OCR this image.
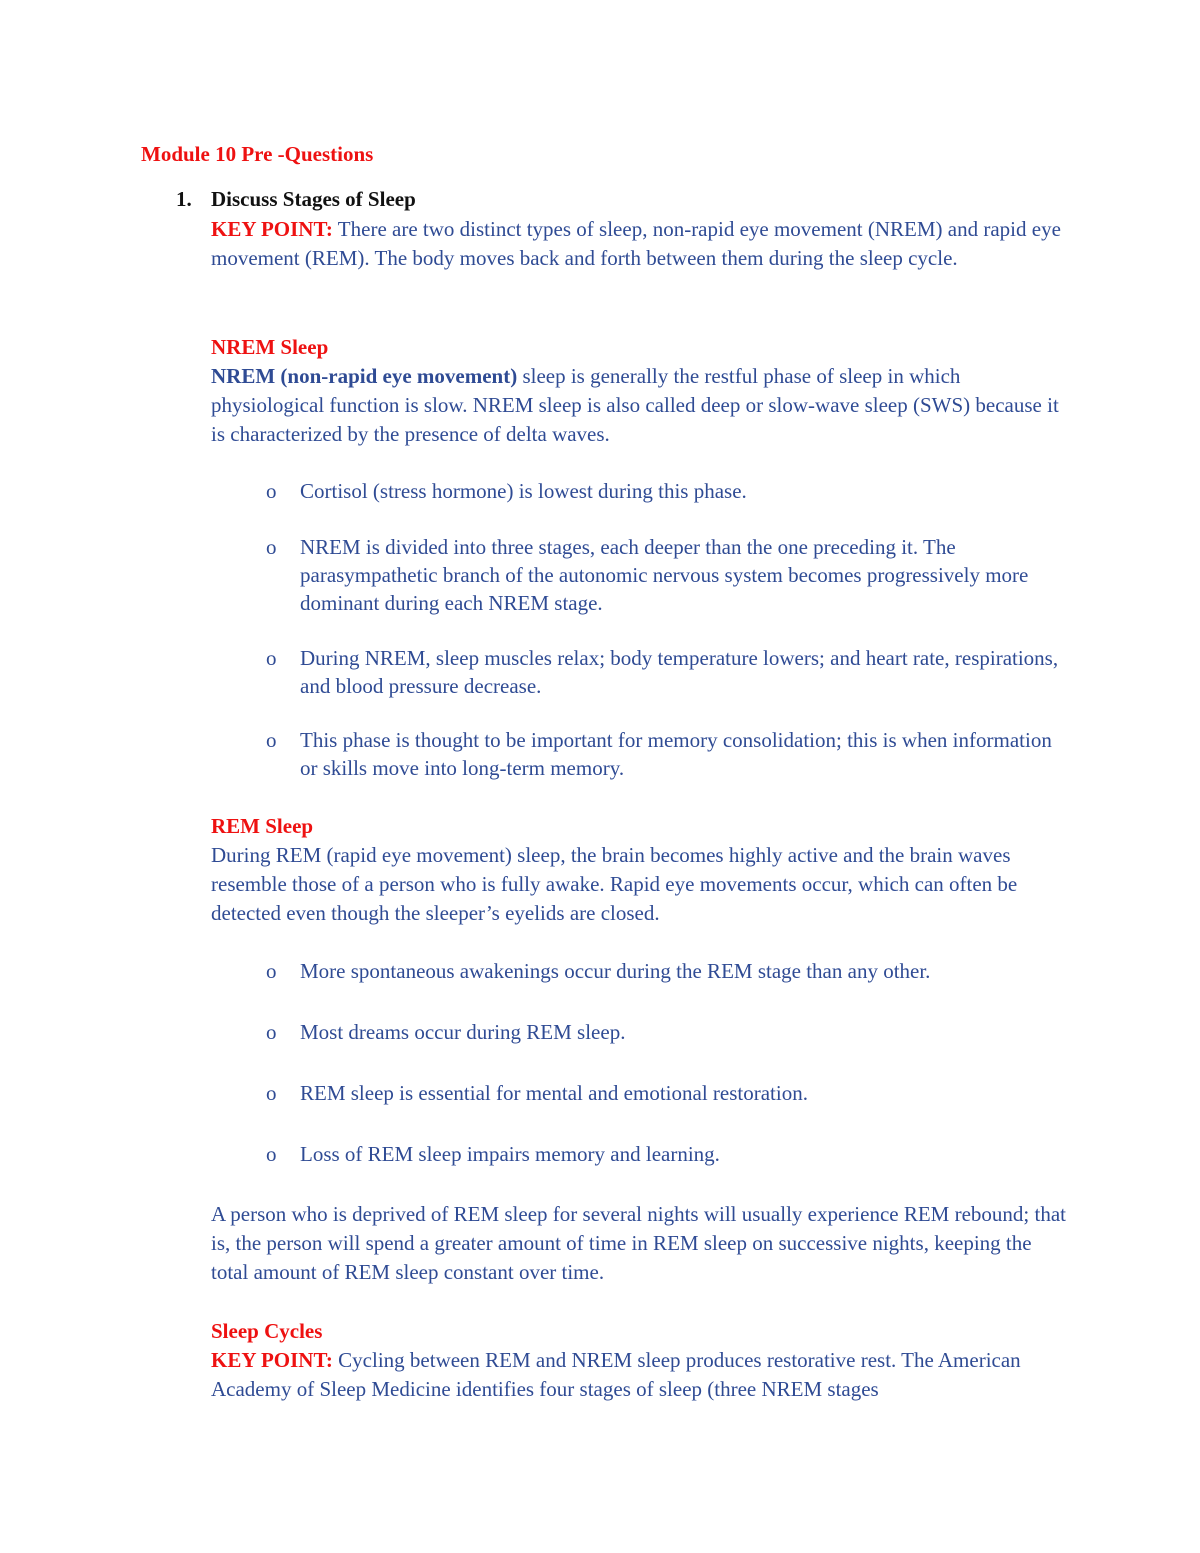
Module 10 Pre -Questions
1. Discuss Stages of Sleep
KEY POINT: There are two distinct types of sleep, non-rapid eye movement (NREM) and rapid eye movement (REM). The body moves back and forth between them during the sleep cycle.
NREM Sleep
NREM (non-rapid eye movement) sleep is generally the restful phase of sleep in which physiological function is slow. NREM sleep is also called deep or slow-wave sleep (SWS) because it is characterized by the presence of delta waves.
o Cortisol (stress hormone) is lowest during this phase.
o NREM is divided into three stages, each deeper than the one preceding it. The parasympathetic branch of the autonomic nervous system becomes progressively more dominant during each NREM stage.
o During NREM, sleep muscles relax; body temperature lowers; and heart rate, respirations, and blood pressure decrease.
o This phase is thought to be important for memory consolidation; this is when information or skills move into long-term memory.
REM Sleep
During REM (rapid eye movement) sleep, the brain becomes highly active and the brain waves resemble those of a person who is fully awake. Rapid eye movements occur, which can often be detected even though the sleeper’s eyelids are closed.
o More spontaneous awakenings occur during the REM stage than any other.
o Most dreams occur during REM sleep.
o REM sleep is essential for mental and emotional restoration.
o Loss of REM sleep impairs memory and learning.
A person who is deprived of REM sleep for several nights will usually experience REM rebound; that is, the person will spend a greater amount of time in REM sleep on successive nights, keeping the total amount of REM sleep constant over time.
Sleep Cycles
KEY POINT: Cycling between REM and NREM sleep produces restorative rest. The American Academy of Sleep Medicine identifies four stages of sleep (three NREM stages
